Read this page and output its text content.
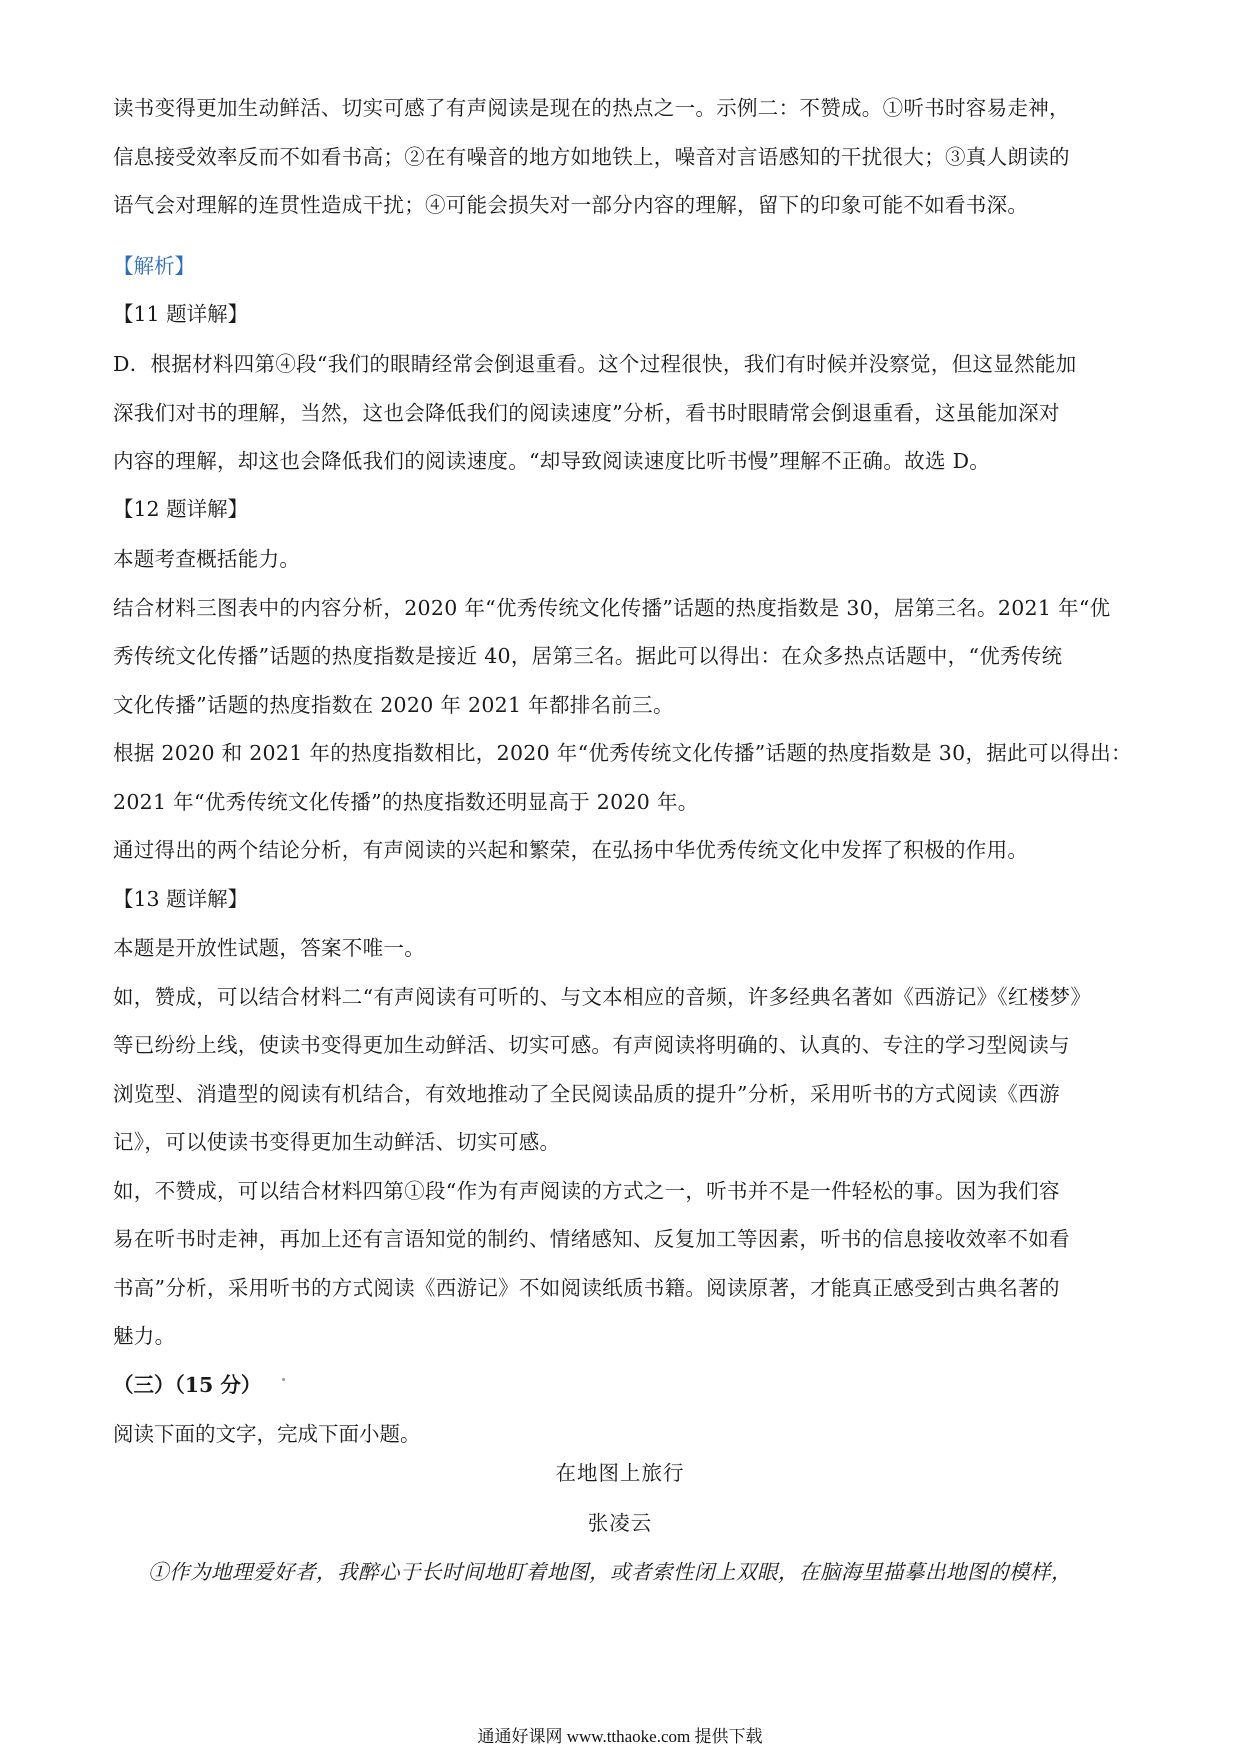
读书变得更加生动鲜活、切实可感了有声阅读是现在的热点之一。示例二：不赞成。①听书时容易走神，
信息接受效率反而不如看书高；②在有噪音的地方如地铁上，噪音对言语感知的干扰很大；③真人朗读的
语气会对理解的连贯性造成干扰；④可能会损失对一部分内容的理解，留下的印象可能不如看书深。
【解析】
【11 题详解】
D．根据材料四第④段“我们的眼睛经常会倒退重看。这个过程很快，我们有时候并没察觉，但这显然能加
深我们对书的理解，当然，这也会降低我们的阅读速度”分析，看书时眼睛常会倒退重看，这虽能加深对
内容的理解，却这也会降低我们的阅读速度。“却导致阅读速度比听书慢”理解不正确。故选 D。
【12 题详解】
本题考查概括能力。
结合材料三图表中的内容分析，2020 年“优秀传统文化传播”话题的热度指数是 30，居第三名。2021 年“优
秀传统文化传播”话题的热度指数是接近 40，居第三名。据此可以得出：在众多热点话题中，“优秀传统
文化传播”话题的热度指数在 2020 年 2021 年都排名前三。
根据 2020 和 2021 年的热度指数相比，2020 年“优秀传统文化传播”话题的热度指数是 30，据此可以得出：
2021 年“优秀传统文化传播”的热度指数还明显高于 2020 年。
通过得出的两个结论分析，有声阅读的兴起和繁荣，在弘扬中华优秀传统文化中发挥了积极的作用。
【13 题详解】
本题是开放性试题，答案不唯一。
如，赞成，可以结合材料二“有声阅读有可听的、与文本相应的音频，许多经典名著如《西游记》《红楼梦》
等已纷纷上线，使读书变得更加生动鲜活、切实可感。有声阅读将明确的、认真的、专注的学习型阅读与
浏览型、消遣型的阅读有机结合，有效地推动了全民阅读品质的提升”分析，采用听书的方式阅读《西游
记》，可以使读书变得更加生动鲜活、切实可感。
如，不赞成，可以结合材料四第①段“作为有声阅读的方式之一，听书并不是一件轻松的事。因为我们容
易在听书时走神，再加上还有言语知觉的制约、情绪感知、反复加工等因素，听书的信息接收效率不如看
书高”分析，采用听书的方式阅读《西游记》不如阅读纸质书籍。阅读原著，才能真正感受到古典名著的
魅力。
（三）（15 分）
阅读下面的文字，完成下面小题。
在地图上旅行
张凌云
①作为地理爱好者，我醉心于长时间地盯着地图，或者索性闭上双眼，在脑海里描摹出地图的模样，
通通好课网 www.tthaoke.com 提供下载
